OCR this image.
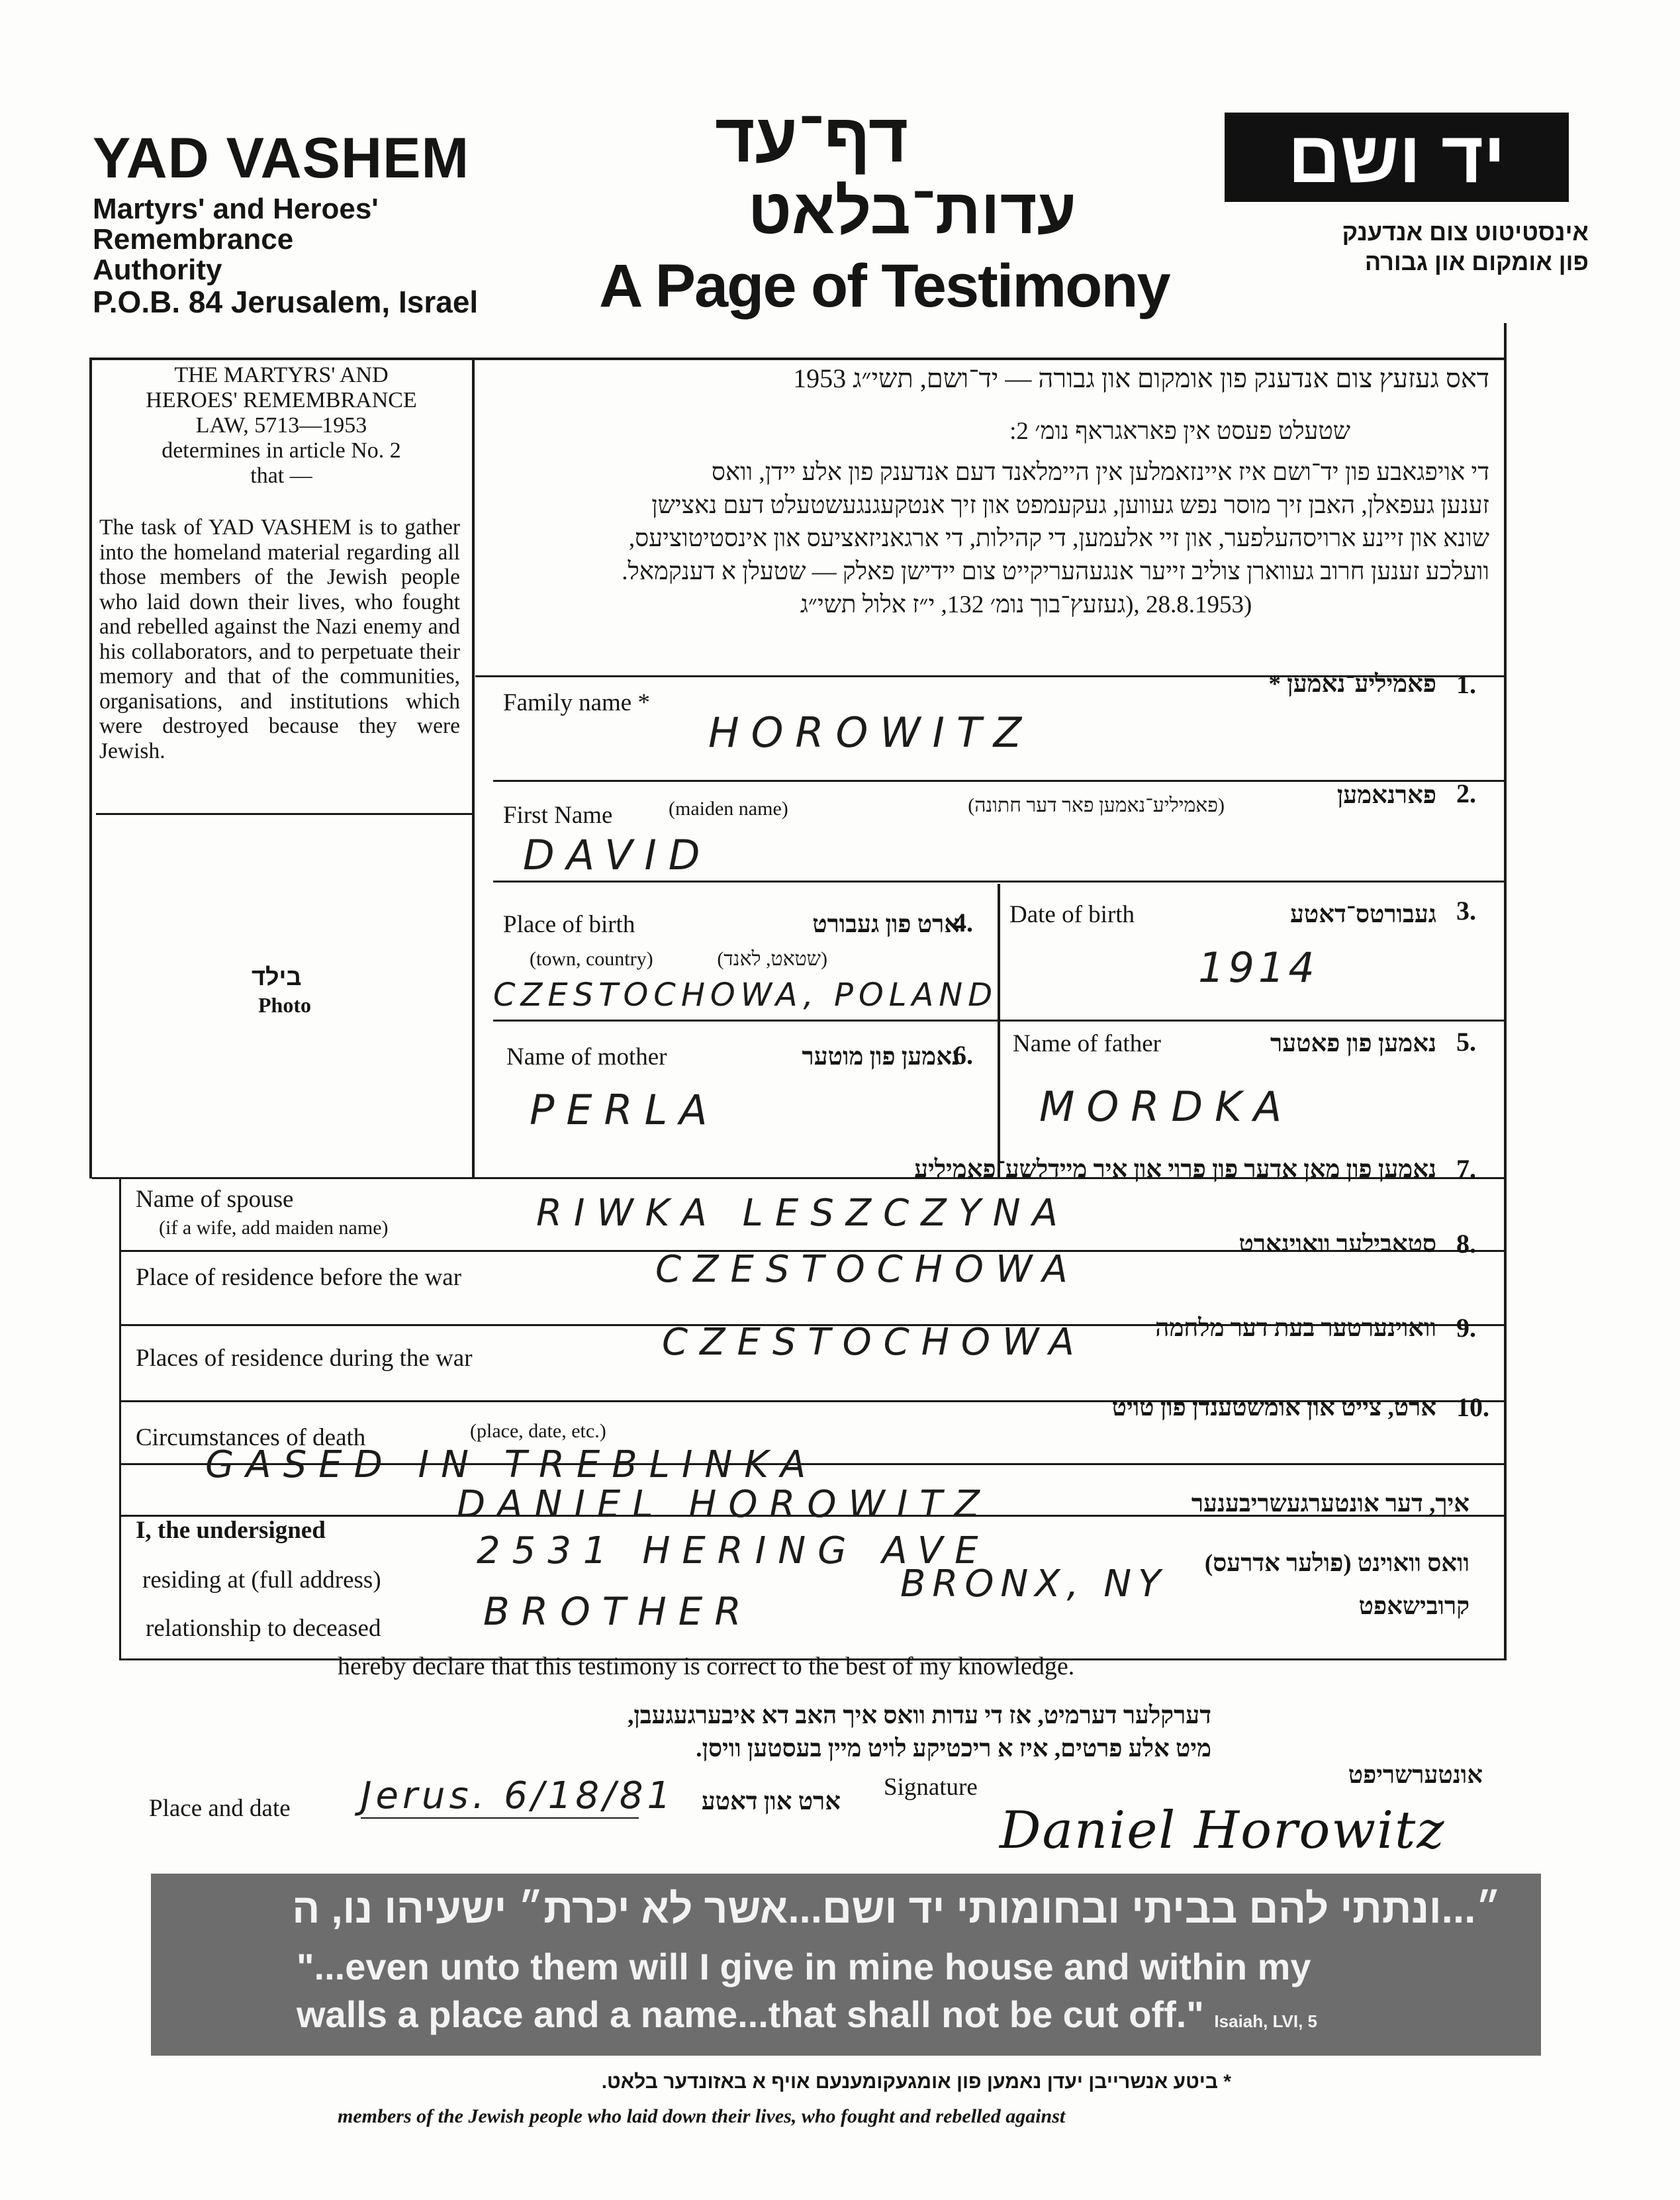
YAD VASHEM
Martyrs' and Heroes'
Remembrance
Authority
P.O.B. 84 Jerusalem, Israel
דף־עד
עדות־בלאט
A Page of Testimony
יד ושם
אינסטיטוט צום אנדענק
פון אומקום און גבורה
THE MARTYRS' AND
HEROES' REMEMBRANCE
LAW, 5713—1953
determines in article No. 2
that —
The task of YAD VASHEM is to gather into the homeland material regarding all those members of the Jewish people who laid down their lives, who fought and rebelled against the Nazi enemy and his collaborators, and to perpetuate their memory and that of the communities, organisations, and institutions which were destroyed because they were Jewish.
בילד
Photo
דאס געזעץ צום אנדענק פון אומקום און גבורה — יד־ושם, תשי״ג 1953
שטעלט פעסט אין פאראגראף נומ׳ 2:
די אויפגאבע פון יד־ושם איז איינזאמלען אין היימלאנד דעם אנדענק פון אלע יידן, וואס
זענען געפאלן, האבן זיך מוסר נפש געווען, געקעמפט און זיך אנטקעגנגעשטעלט דעם נאצישן
שונא און זיינע ארויסהעלפער, און זיי אלעמען, די קהילות, די ארגאניזאציעס און אינסטיטוציעס,
וועלכע זענען חרוב געווארן צוליב זייער אנגעהעריקייט צום יידישן פאלק — שטעלן א דענקמאל.
(28.8.1953 ,(געזעץ־בוך נומ׳ 132, י״ז אלול תשי״ג
Family name *
1.
פאמיליע־נאמען *
HOROWITZ
First Name	(maiden name)
2.
פארנאמען
(פאמיליע־נאמען פאר דער חתונה)
DAVID
Place of birth	ארט פון געבורט
4.
(town, country)	(שטאט, לאנד)
CZESTOCHOWA, POLAND
Date of birth	געבורטס־דאטע 3.
1914
Name of mother	נאמען פון מוטער
6.
PERLA
Name of father	נאמען פון פאטער 5.
MORDKA
Name of spouse
(if a wife, add maiden name)
נאמען פון מאן אדער פון פרוי און איר מיידלשע־פאמיליע 7.
RIWKA LESZCZYNA
Place of residence before the war
סטאבילער וואוינארט 8.
CZESTOCHOWA
Places of residence during the war
וואוינערטער בעת דער מלחמה 9.
CZESTOCHOWA
Circumstances of death	(place, date, etc.)
ארט, צייט און אומשטענדן פון טויט 10.
GASED IN TREBLINKA
I, the undersigned
איך, דער אונטערגעשריבענער
DANIEL HOROWITZ
residing at (full address)
וואס וואוינט (פולער אדרעס)
2531 HERING AVE
BRONX, NY
relationship to deceased
קרובישאפט
BROTHER
hereby declare that this testimony is correct to the best of my knowledge.
דערקלער דערמיט, אז די עדות וואס איך האב דא איבערגעגעבן,
מיט אלע פרטים, איז א ריכטיקע לויט מיין בעסטען וויסן.
Place and date Jerus. 6/18/81	ארט און דאטע
Signature	אונטערשריפט
Daniel Horowitz
״...ונתתי להם בביתי ובחומותי יד ושם...אשר לא יכרת״ ישעיהו נו, ה
"...even unto them will I give in mine house and within my
walls a place and a name...that shall not be cut off." Isaiah, LVI, 5
* ביטע אנשרייבן יעדן נאמען פון אומגעקומענעם אויף א באזונדער בלאט.
members of the Jewish people who laid down their lives, who fought and rebelled against
